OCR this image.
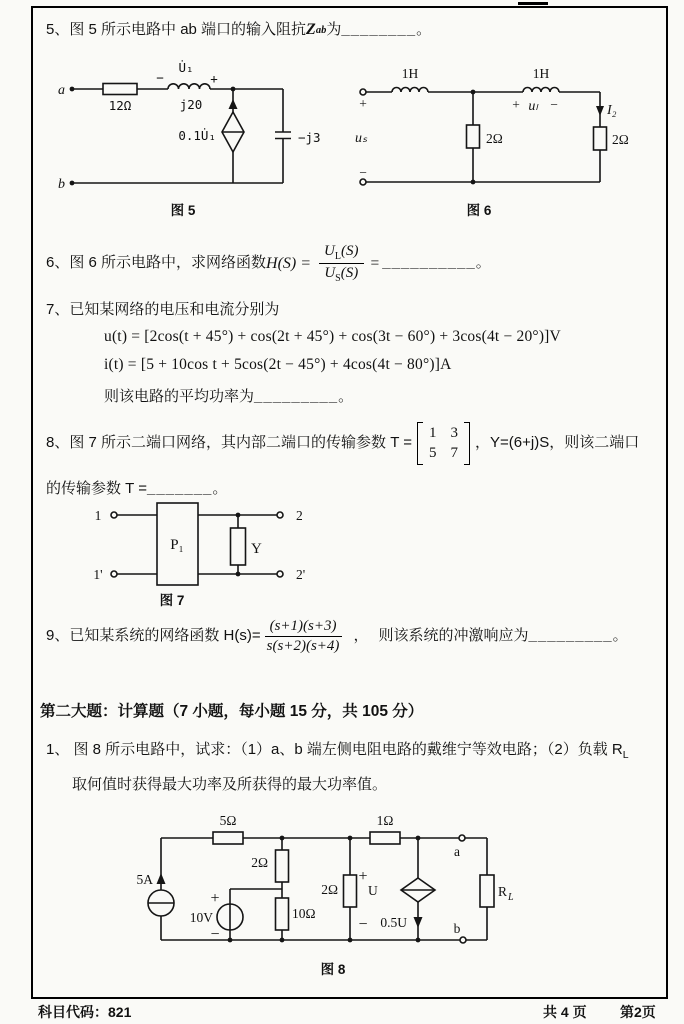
5、图 5 所示电路中 ab 端口的输入阻抗 Z ab 为 ________ 。
a
b
12Ω	j20
−
U̇₁
+
0.1U̇₁	−j3
图 5
+
uₛ
−
1H	1H
+ uₗ −	I₂
2Ω	2Ω
图 6
6、图 6 所示电路中，求网络函数 $H(S) = \frac{U_L(S)}{U_S(S)}$ = __________ 。
7、已知某网络的电压和电流分别为
u(t) = [2cos(t + 45°) + cos(2t + 45°) + cos(3t − 60°) + 3cos(4t − 20°)]V
i(t) = [5 + 10cos t + 5cos(2t − 45°) + 4cos(4t − 80°)]A
则该电路的平均功率为 _________ 。
8、图 7 所示二端口网络，其内部二端口的传输参数 T =
1 3
5 7
，Y=(6+j)S，则该二端口
的传输参数 T = _______ 。
1
1'
2
2'
P₁	Y
图 7
9、已知某系统的网络函数 $H(s)= \frac{(s+1)(s+3)}{s(s+2)(s+4)}$ ， 则该系统的冲激响应为 _________ 。
第二大题：计算题（7 小题，每小题 15 分，共 105 分）
1、 图 8 所示电路中，试求：（1）a、b 端左侧电阻电路的戴维宁等效电路；（2）负载 $R_L$
取何值时获得最大功率及所获得的最大功率值。
5A
5Ω
2Ω
10Ω
+
10V
−
2Ω
+
U
−
1Ω
0.5U
R L
a
b
图 8
科目代码：821	共 4 页 第2页
